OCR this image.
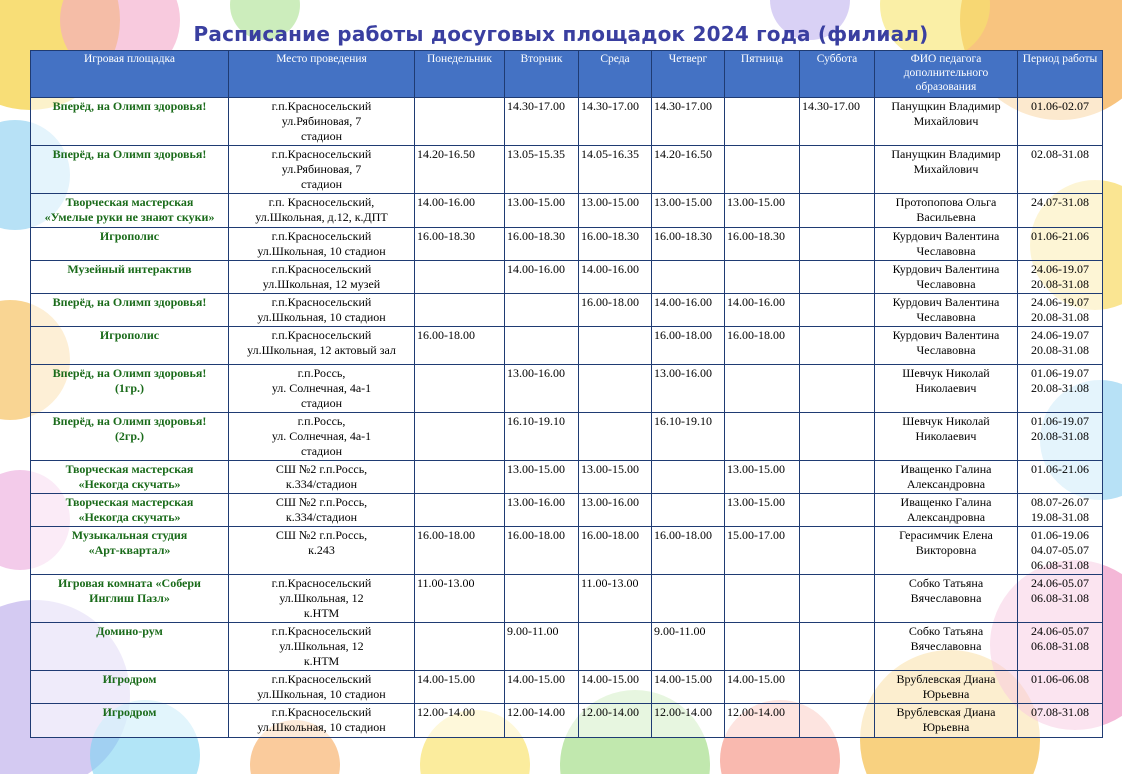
Расписание работы досуговых площадок 2024 года (филиал)
Игровая площадка	Место проведения	Понедельник	Вторник	Среда	Четверг	Пятница	Суббота	ФИО педагога дополнительного образования	Период работы

Вперёд, на Олимп здоровья!	г.п.Красносельский
ул.Рябиновая, 7
стадион		14.30-17.00	14.30-17.00	14.30-17.00		14.30-17.00	Панущкин Владимир
Михайлович	01.06-02.07

Вперёд, на Олимп здоровья!	г.п.Красносельский
ул.Рябиновая, 7
стадион	14.20-16.50	13.05-15.35	14.05-16.35	14.20-16.50			Панущкин Владимир
Михайлович	02.08-31.08

Творческая мастерская
«Умелые руки не знают скуки»	г.п. Красносельский,
ул.Школьная, д.12, к.ДПТ	14.00-16.00	13.00-15.00	13.00-15.00	13.00-15.00	13.00-15.00		Протопопова Ольга
Васильевна	24.07-31.08

Игрополис	г.п.Красносельский
ул.Школьная, 10 стадион	16.00-18.30	16.00-18.30	16.00-18.30	16.00-18.30	16.00-18.30		Курдович Валентина
Чеславовна	01.06-21.06

Музейный интерактив	г.п.Красносельский
ул.Школьная, 12 музей		14.00-16.00	14.00-16.00				Курдович Валентина
Чеславовна	24.06-19.07
20.08-31.08

Вперёд, на Олимп здоровья!	г.п.Красносельский
ул.Школьная, 10 стадион			16.00-18.00	14.00-16.00	14.00-16.00		Курдович Валентина
Чеславовна	24.06-19.07
20.08-31.08

Игрополис	г.п.Красносельский
ул.Школьная, 12 актовый зал	16.00-18.00			16.00-18.00	16.00-18.00		Курдович Валентина
Чеславовна	24.06-19.07
20.08-31.08

Вперёд, на Олимп здоровья!
(1гр.)	г.п.Россь,
ул. Солнечная, 4а-1
стадион		13.00-16.00		13.00-16.00			Шевчук Николай
Николаевич	01.06-19.07
20.08-31.08

Вперёд, на Олимп здоровья!
(2гр.)	г.п.Россь,
ул. Солнечная, 4а-1
стадион		16.10-19.10		16.10-19.10			Шевчук Николай
Николаевич	01.06-19.07
20.08-31.08

Творческая мастерская
«Некогда скучать»	СШ №2 г.п.Россь,
к.334/стадион		13.00-15.00	13.00-15.00		13.00-15.00		Иващенко Галина
Александровна	01.06-21.06

Творческая мастерская
«Некогда скучать»	СШ №2 г.п.Россь,
к.334/стадион		13.00-16.00	13.00-16.00		13.00-15.00		Иващенко Галина
Александровна	08.07-26.07
19.08-31.08

Музыкальная студия
«Арт-квартал»	СШ №2 г.п.Россь,
к.243	16.00-18.00	16.00-18.00	16.00-18.00	16.00-18.00	15.00-17.00		Герасимчик Елена
Викторовна	01.06-19.06
04.07-05.07
06.08-31.08

Игровая комната «Собери
Инглиш Пазл»	г.п.Красносельский
ул.Школьная, 12
к.НТМ	11.00-13.00		11.00-13.00				Собко Татьяна
Вячеславовна	24.06-05.07
06.08-31.08

Домино-рум	г.п.Красносельский
ул.Школьная, 12
к.НТМ		9.00-11.00		9.00-11.00			Собко Татьяна
Вячеславовна	24.06-05.07
06.08-31.08

Игродром	г.п.Красносельский
ул.Школьная, 10 стадион	14.00-15.00	14.00-15.00	14.00-15.00	14.00-15.00	14.00-15.00		Врублевская Диана
Юрьевна	01.06-06.08

Игродром	г.п.Красносельский
ул.Школьная, 10 стадион	12.00-14.00	12.00-14.00	12.00-14.00	12.00-14.00	12.00-14.00		Врублевская Диана
Юрьевна	07.08-31.08
